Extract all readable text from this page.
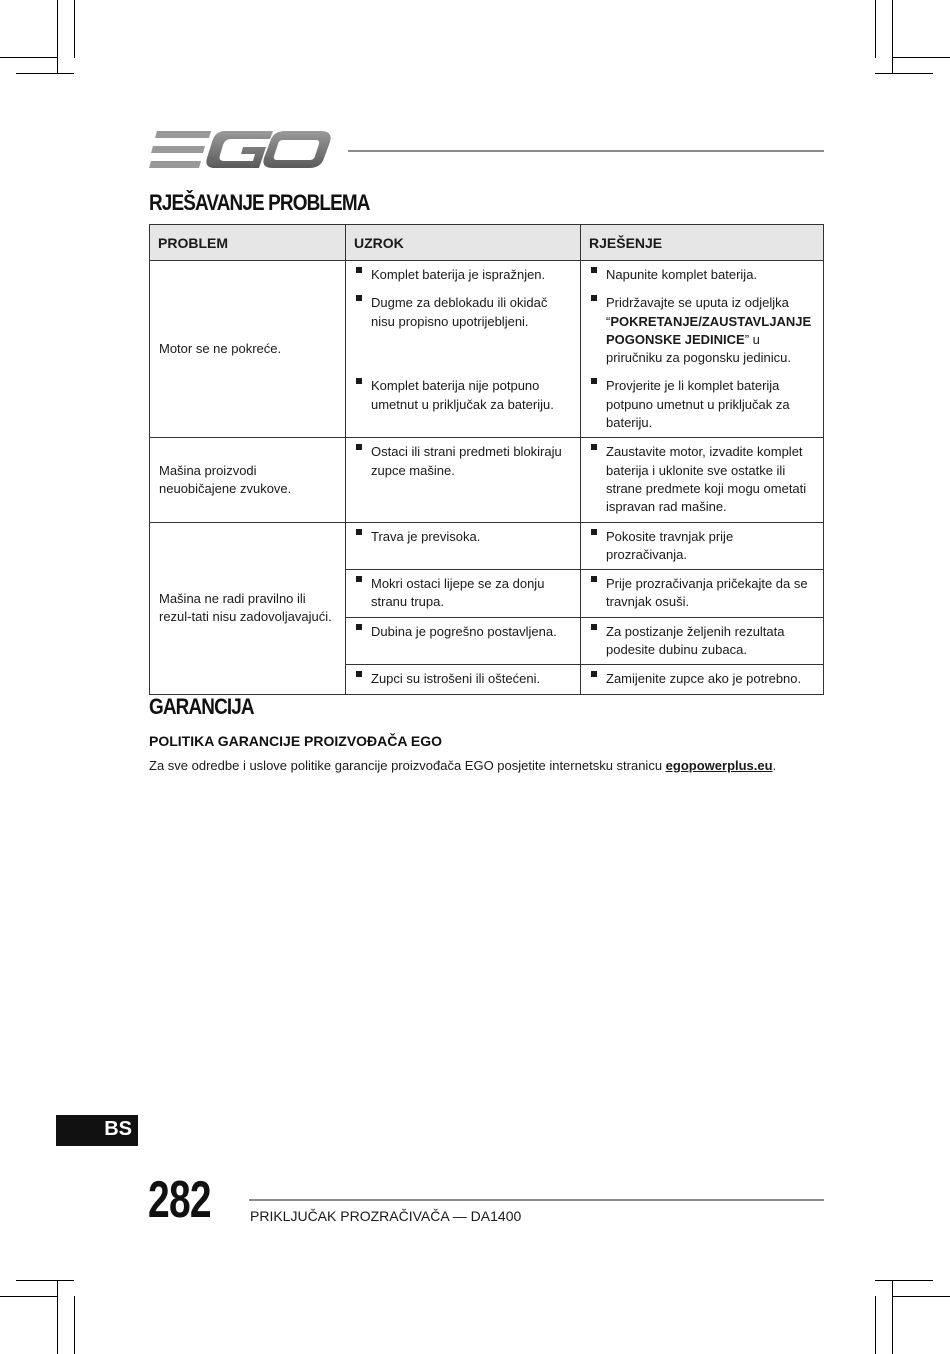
RJEŠAVANJE PROBLEMA
PROBLEM	UZROK	RJEŠENJE
Motor se ne pokreće.	Komplet baterija je ispražnjen.	Napunite komplet baterija.

	Dugme za deblokadu ili okidač nisu propisno upotrijebljeni.	Pridržavajte se uputa iz odjeljka “POKRETANJE/ZAUSTAVLJANJE POGONSKE JEDINICE” u priručniku za pogonsku jedinicu.

	Komplet baterija nije potpuno umetnut u priključak za bateriju.	Provjerite je li komplet baterija potpuno umetnut u priključak za bateriju.

Mašina proizvodi neuobičajene zvukove.	Ostaci ili strani predmeti blokiraju zupce mašine.	Zaustavite motor, izvadite komplet baterija i uklonite sve ostatke ili strane predmete koji mogu ometati ispravan rad mašine.

Mašina ne radi pravilno ili rezul-tati nisu zadovoljavajući.	Trava je previsoka.	Pokosite travnjak prije prozračivanja.

	Mokri ostaci lijepe se za donju stranu trupa.	Prije prozračivanja pričekajte da se travnjak osuši.

	Dubina je pogrešno postavljena.	Za postizanje željenih rezultata podesite dubinu zubaca.

	Zupci su istrošeni ili oštećeni.	Zamijenite zupce ako je potrebno.
GARANCIJA
POLITIKA GARANCIJE PROIZVOĐAČA EGO
Za sve odredbe i uslove politike garancije proizvođača EGO posjetite internetsku stranicu egopowerplus.eu.
BS
282	PRIKLJUČAK PROZRAČIVAČA — DA1400
